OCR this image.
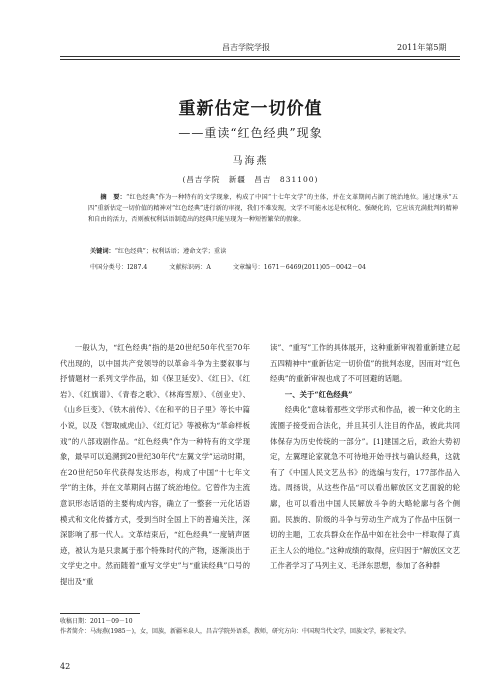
昌吉学院学报	2011年第5期
重新估定一切价值
——重读“红色经典”现象
马海燕
(昌吉学院　新疆　昌吉　831100)
摘　要：“红色经典”作为一种特有的文学现象，构成了中国“十七年文学”的主体，并在文革期间占据了统治地位。通过继承“五四”重新估定一切价值的精神对“红色经典”进行新的审视，我们不难发现，文学不可能永远是权利化、强硬化的，它应该充满批判的精神和自由的活力，否则被权利话语制造出的经典只能呈现为一种短暂繁荣的假象。
关键词：“红色经典”；权利话语；遵命文学；重读
中国分类号：I287.4	文献标识码：A	文章编号：1671－6469(2011)05－0042－04

一般认为，“红色经典”指的是20世纪50年代至70年代出现的，以中国共产党领导的以革命斗争为主要叙事与抒情题材一系列文学作品，如《保卫延安》、《红日》、《红岩》、《红旗谱》、《青春之歌》、《林海雪原》、《创业史》、《山乡巨变》、《铁木前传》、《在和平的日子里》等长中篇小说，以及《智取威虎山》、《红灯记》等被称为“革命样板戏”的八部戏剧作品。“红色经典”作为一种特有的文学现象，最早可以追溯到20世纪30年代“左翼文学”运动时期，在20世纪50年代获得发达形态，构成了中国“十七年文学”的主体，并在文革期间占据了统治地位。它曾作为主流意识形态话语的主要构成内容，确立了一整套一元化话语模式和文化传播方式，受到当时全国上下的普遍关注，深深影响了那一代人。文革结束后，“红色经典”一度销声匿迹，被认为是只隶属于那个特殊时代的产物，逐渐淡出于文学史之中。然而随着“重写文学史”与“重读经典”口号的提出及“重

读”、“重写”工作的具体展开，这种重新审视着重新建立起五四精神中“重新估定一切价值”的批判态度，因而对“红色经典”的重新审视也成了不可回避的话题。

一、关于“红色经典”

经典化”意味着那些文学形式和作品，被一种文化的主流圈子接受而合法化，并且其引人注目的作品，被此共同体保存为历史传统的一部分”。[1]建国之后，政治大势初定，左翼理论家就急不可待地开始寻找与确认经典，这就有了《中国人民文艺丛书》的选编与发行，177部作品入选。周扬说，从这些作品“可以看出解放区文艺面貌的轮廓，也可以看出中国人民解放斗争的大略轮廓与各个侧面。民族的、阶级的斗争与劳动生产成为了作品中压倒一切的主题，工农兵群众在作品中如在社会中一样取得了真正主人公的地位。”这种成绩的取得，应归因于“解放区文艺工作者学习了马列主义、毛泽东思想，参加了各种群

收稿日期：2011－09－10
作者简介：马海燕(1985－)，女，回族，新疆米泉人，昌吉学院外语系，教师，研究方向：中国现当代文学，回族文学，影视文学。
42
